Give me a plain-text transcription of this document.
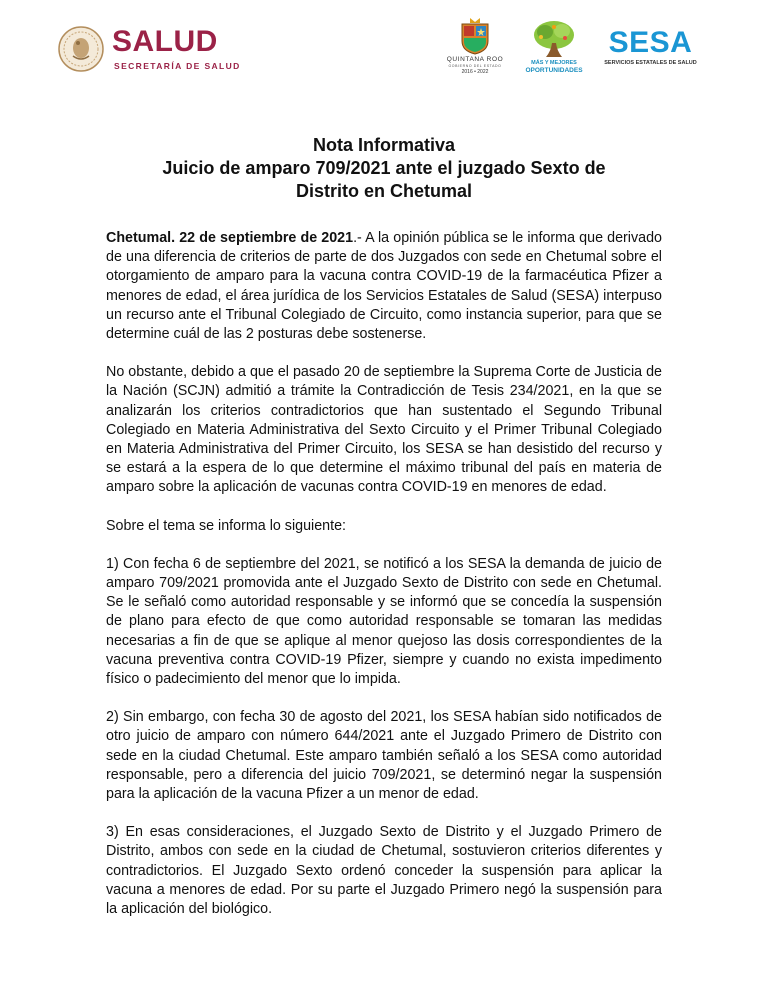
SALUD
SECRETARÍA DE SALUD
QUINTANA ROO
GOBIERNO DEL ESTADO
2016 • 2022
MÁS Y MEJORES
OPORTUNIDADES
SESA
SERVICIOS ESTATALES DE SALUD
Nota Informativa
Juicio de amparo 709/2021 ante el juzgado Sexto de
Distrito en Chetumal

Chetumal. 22 de septiembre de 2021.- A la opinión pública se le informa que derivado de una diferencia de criterios de parte de dos Juzgados con sede en Chetumal sobre el otorgamiento de amparo para la vacuna contra COVID-19 de la farmacéutica Pfizer a menores de edad, el área jurídica de los Servicios Estatales de Salud (SESA) interpuso un recurso ante el Tribunal Colegiado de Circuito, como instancia superior, para que se determine cuál de las 2 posturas debe sostenerse.

No obstante, debido a que el pasado 20 de septiembre la Suprema Corte de Justicia de la Nación (SCJN) admitió a trámite la Contradicción de Tesis 234/2021, en la que se analizarán los criterios contradictorios que han sustentado el Segundo Tribunal Colegiado en Materia Administrativa del Sexto Circuito y el Primer Tribunal Colegiado en Materia Administrativa del Primer Circuito, los SESA se han desistido del recurso y se estará a la espera de lo que determine el máximo tribunal del país en materia de amparo sobre la aplicación de vacunas contra COVID-19 en menores de edad.

Sobre el tema se informa lo siguiente:

1) Con fecha 6 de septiembre del 2021, se notificó a los SESA la demanda de juicio de amparo 709/2021 promovida ante el Juzgado Sexto de Distrito con sede en Chetumal. Se le señaló como autoridad responsable y se informó que se concedía la suspensión de plano para efecto de que como autoridad responsable se tomaran las medidas necesarias a fin de que se aplique al menor quejoso las dosis correspondientes de la vacuna preventiva contra COVID-19 Pfizer, siempre y cuando no exista impedimento físico o padecimiento del menor que lo impida.

2) Sin embargo, con fecha 30 de agosto del 2021, los SESA habían sido notificados de otro juicio de amparo con número 644/2021 ante el Juzgado Primero de Distrito con sede en la ciudad Chetumal. Este amparo también señaló a los SESA como autoridad responsable, pero a diferencia del juicio 709/2021, se determinó negar la suspensión para la aplicación de la vacuna Pfizer a un menor de edad.

3) En esas consideraciones, el Juzgado Sexto de Distrito y el Juzgado Primero de Distrito, ambos con sede en la ciudad de Chetumal, sostuvieron criterios diferentes y contradictorios. El Juzgado Sexto ordenó conceder la suspensión para aplicar la vacuna a menores de edad. Por su parte el Juzgado Primero negó la suspensión para la aplicación del biológico.
